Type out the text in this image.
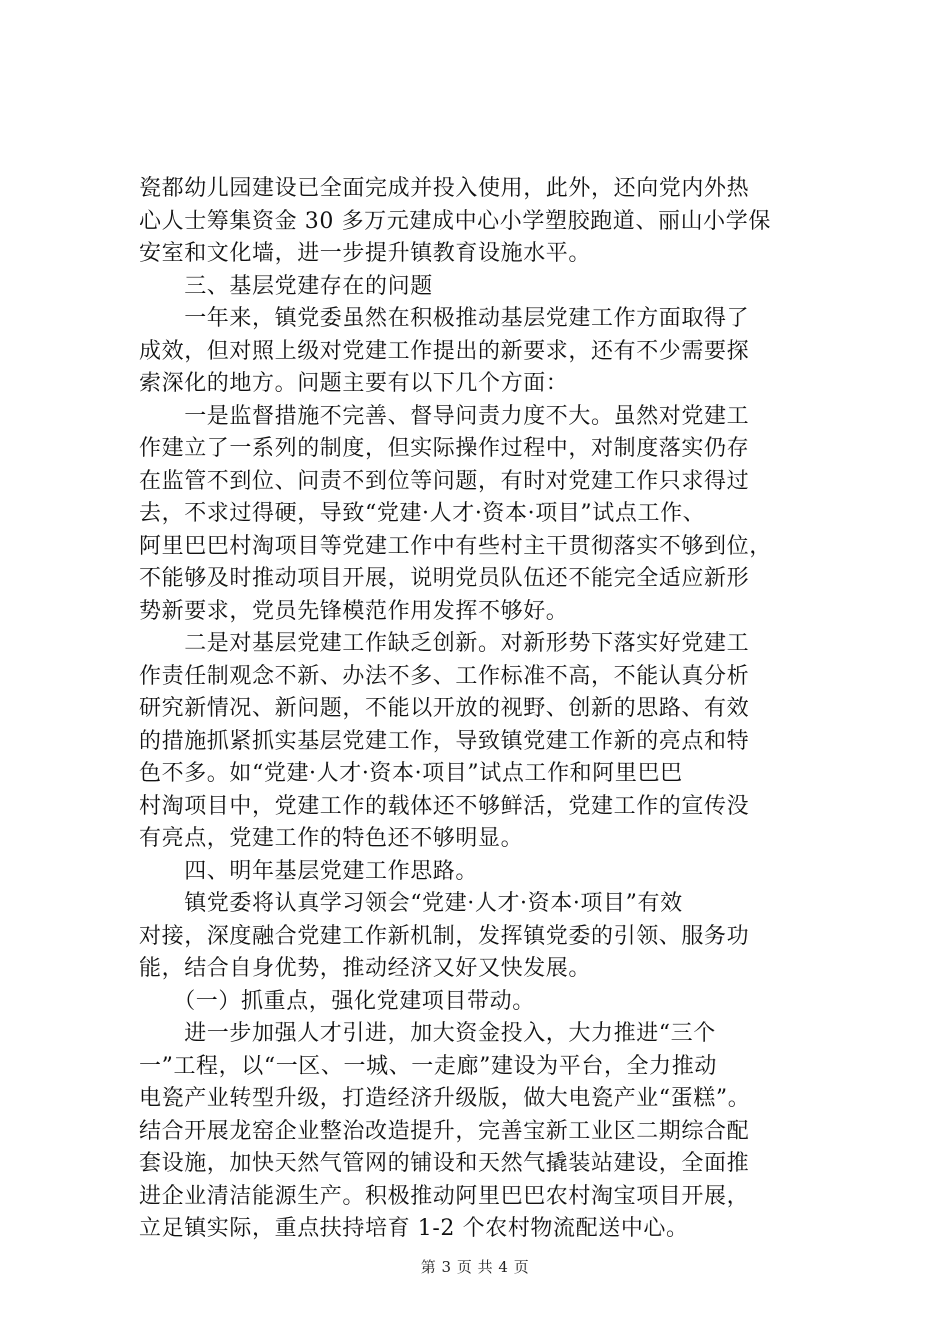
瓷都幼儿园建设已全面完成并投入使用，此外，还向党内外热
心人士筹集资金 30 多万元建成中心小学塑胶跑道、丽山小学保
安室和文化墙，进一步提升镇教育设施水平。
　　三、基层党建存在的问题
　　一年来，镇党委虽然在积极推动基层党建工作方面取得了
成效，但对照上级对党建工作提出的新要求，还有不少需要探
索深化的地方。问题主要有以下几个方面：
　　一是监督措施不完善、督导问责力度不大。虽然对党建工
作建立了一系列的制度，但实际操作过程中，对制度落实仍存
在监管不到位、问责不到位等问题，有时对党建工作只求得过
去，不求过得硬，导致“党建·人才·资本·项目”试点工作、
阿里巴巴村淘项目等党建工作中有些村主干贯彻落实不够到位，
不能够及时推动项目开展，说明党员队伍还不能完全适应新形
势新要求，党员先锋模范作用发挥不够好。
　　二是对基层党建工作缺乏创新。对新形势下落实好党建工
作责任制观念不新、办法不多、工作标准不高，不能认真分析
研究新情况、新问题，不能以开放的视野、创新的思路、有效
的措施抓紧抓实基层党建工作，导致镇党建工作新的亮点和特
色不多。如“党建·人才·资本·项目”试点工作和阿里巴巴
村淘项目中，党建工作的载体还不够鲜活，党建工作的宣传没
有亮点，党建工作的特色还不够明显。
　　四、明年基层党建工作思路。
　　镇党委将认真学习领会“党建·人才·资本·项目”有效
对接，深度融合党建工作新机制，发挥镇党委的引领、服务功
能，结合自身优势，推动经济又好又快发展。
　　（一）抓重点，强化党建项目带动。
　　进一步加强人才引进，加大资金投入，大力推进“三个
一”工程，以“一区、一城、一走廊”建设为平台，全力推动
电瓷产业转型升级，打造经济升级版，做大电瓷产业“蛋糕”。
结合开展龙窑企业整治改造提升，完善宝新工业区二期综合配
套设施，加快天然气管网的铺设和天然气撬装站建设，全面推
进企业清洁能源生产。积极推动阿里巴巴农村淘宝项目开展，
立足镇实际，重点扶持培育 1-2 个农村物流配送中心。
第 3 页 共 4 页
